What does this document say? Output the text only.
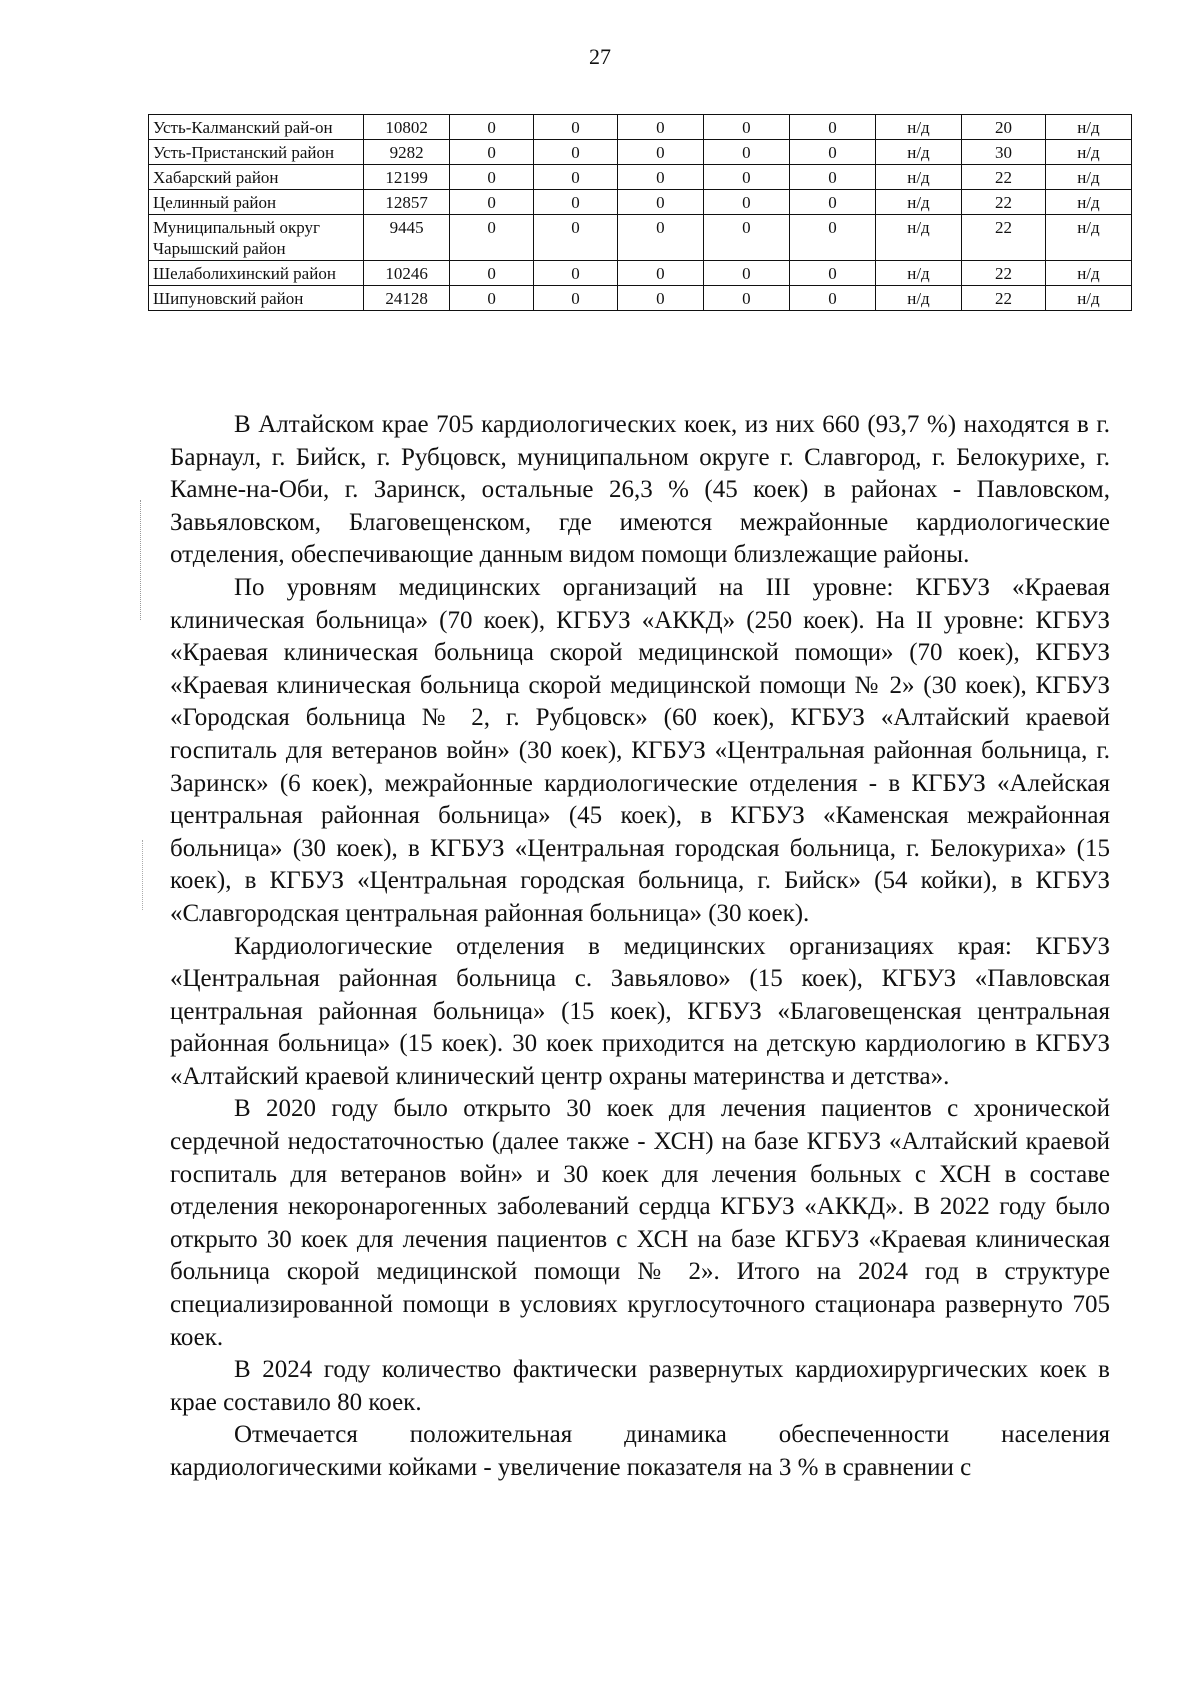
27
Усть-Калманский рай-он	10802	0	0	0	0	0	н/д	20	н/д
Усть-Пристанский район	9282	0	0	0	0	0	н/д	30	н/д
Хабарский район	12199	0	0	0	0	0	н/д	22	н/д
Целинный район	12857	0	0	0	0	0	н/д	22	н/д
Муниципальный округ Чарышский район	9445	0	0	0	0	0	н/д	22	н/д
Шелаболихинский район	10246	0	0	0	0	0	н/д	22	н/д
Шипуновский район	24128	0	0	0	0	0	н/д	22	н/д

В Алтайском крае 705 кардиологических коек, из них 660 (93,7 %) находятся в г. Барнаул, г. Бийск, г. Рубцовск, муниципальном округе г. Славгород, г. Белокурихе, г. Камне-на-Оби, г. Заринск, остальные 26,3 % (45 коек) в районах - Павловском, Завьяловском, Благовещенском, где имеются межрайонные кардиологические отделения, обеспечивающие данным видом помощи близлежащие районы.

По уровням медицинских организаций на III уровне: КГБУЗ «Краевая клиническая больница» (70 коек), КГБУЗ «АККД» (250 коек). На II уровне: КГБУЗ «Краевая клиническая больница скорой медицинской помощи» (70 коек), КГБУЗ «Краевая клиническая больница скорой медицинской помощи № 2» (30 коек), КГБУЗ «Городская больница № 2, г. Рубцовск» (60 коек), КГБУЗ «Алтайский краевой госпиталь для ветеранов войн» (30 коек), КГБУЗ «Центральная районная больница, г. Заринск» (6 коек), межрайонные кардиологические отделения - в КГБУЗ «Алейская центральная районная больница» (45 коек), в КГБУЗ «Каменская межрайонная больница» (30 коек), в КГБУЗ «Центральная городская больница, г. Белокуриха» (15 коек), в КГБУЗ «Центральная городская больница, г. Бийск» (54 койки), в КГБУЗ «Славгородская центральная районная больница» (30 коек).

Кардиологические отделения в медицинских организациях края: КГБУЗ «Центральная районная больница с. Завьялово» (15 коек), КГБУЗ «Павловская центральная районная больница» (15 коек), КГБУЗ «Благовещенская центральная районная больница» (15 коек). 30 коек приходится на детскую кардиологию в КГБУЗ «Алтайский краевой клинический центр охраны материнства и детства».

В 2020 году было открыто 30 коек для лечения пациентов с хронической сердечной недостаточностью (далее также - ХСН) на базе КГБУЗ «Алтайский краевой госпиталь для ветеранов войн» и 30 коек для лечения больных с ХСН в составе отделения некоронарогенных заболеваний сердца КГБУЗ «АККД». В 2022 году было открыто 30 коек для лечения пациентов с ХСН на базе КГБУЗ «Краевая клиническая больница скорой медицинской помощи № 2». Итого на 2024 год в структуре специализированной помощи в условиях круглосуточного стационара развернуто 705 коек.

В 2024 году количество фактически развернутых кардиохирургических коек в крае составило 80 коек.

Отмечается положительная динамика обеспеченности населения кардиологическими койками - увеличение показателя на 3 % в сравнении с
